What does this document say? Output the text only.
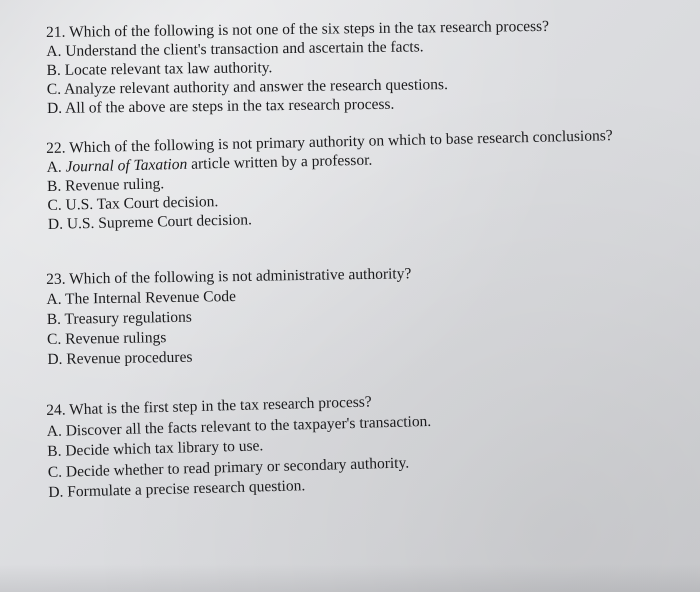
21. Which of the following is not one of the six steps in the tax research process?
A. Understand the client's transaction and ascertain the facts.
B. Locate relevant tax law authority.
C. Analyze relevant authority and answer the research questions.
D. All of the above are steps in the tax research process.
22. Which of the following is not primary authority on which to base research conclusions?
A. Journal of Taxation article written by a professor.
B. Revenue ruling.
C. U.S. Tax Court decision.
D. U.S. Supreme Court decision.
23. Which of the following is not administrative authority?
A. The Internal Revenue Code
B. Treasury regulations
C. Revenue rulings
D. Revenue procedures
24. What is the first step in the tax research process?
A. Discover all the facts relevant to the taxpayer's transaction.
B. Decide which tax library to use.
C. Decide whether to read primary or secondary authority.
D. Formulate a precise research question.
